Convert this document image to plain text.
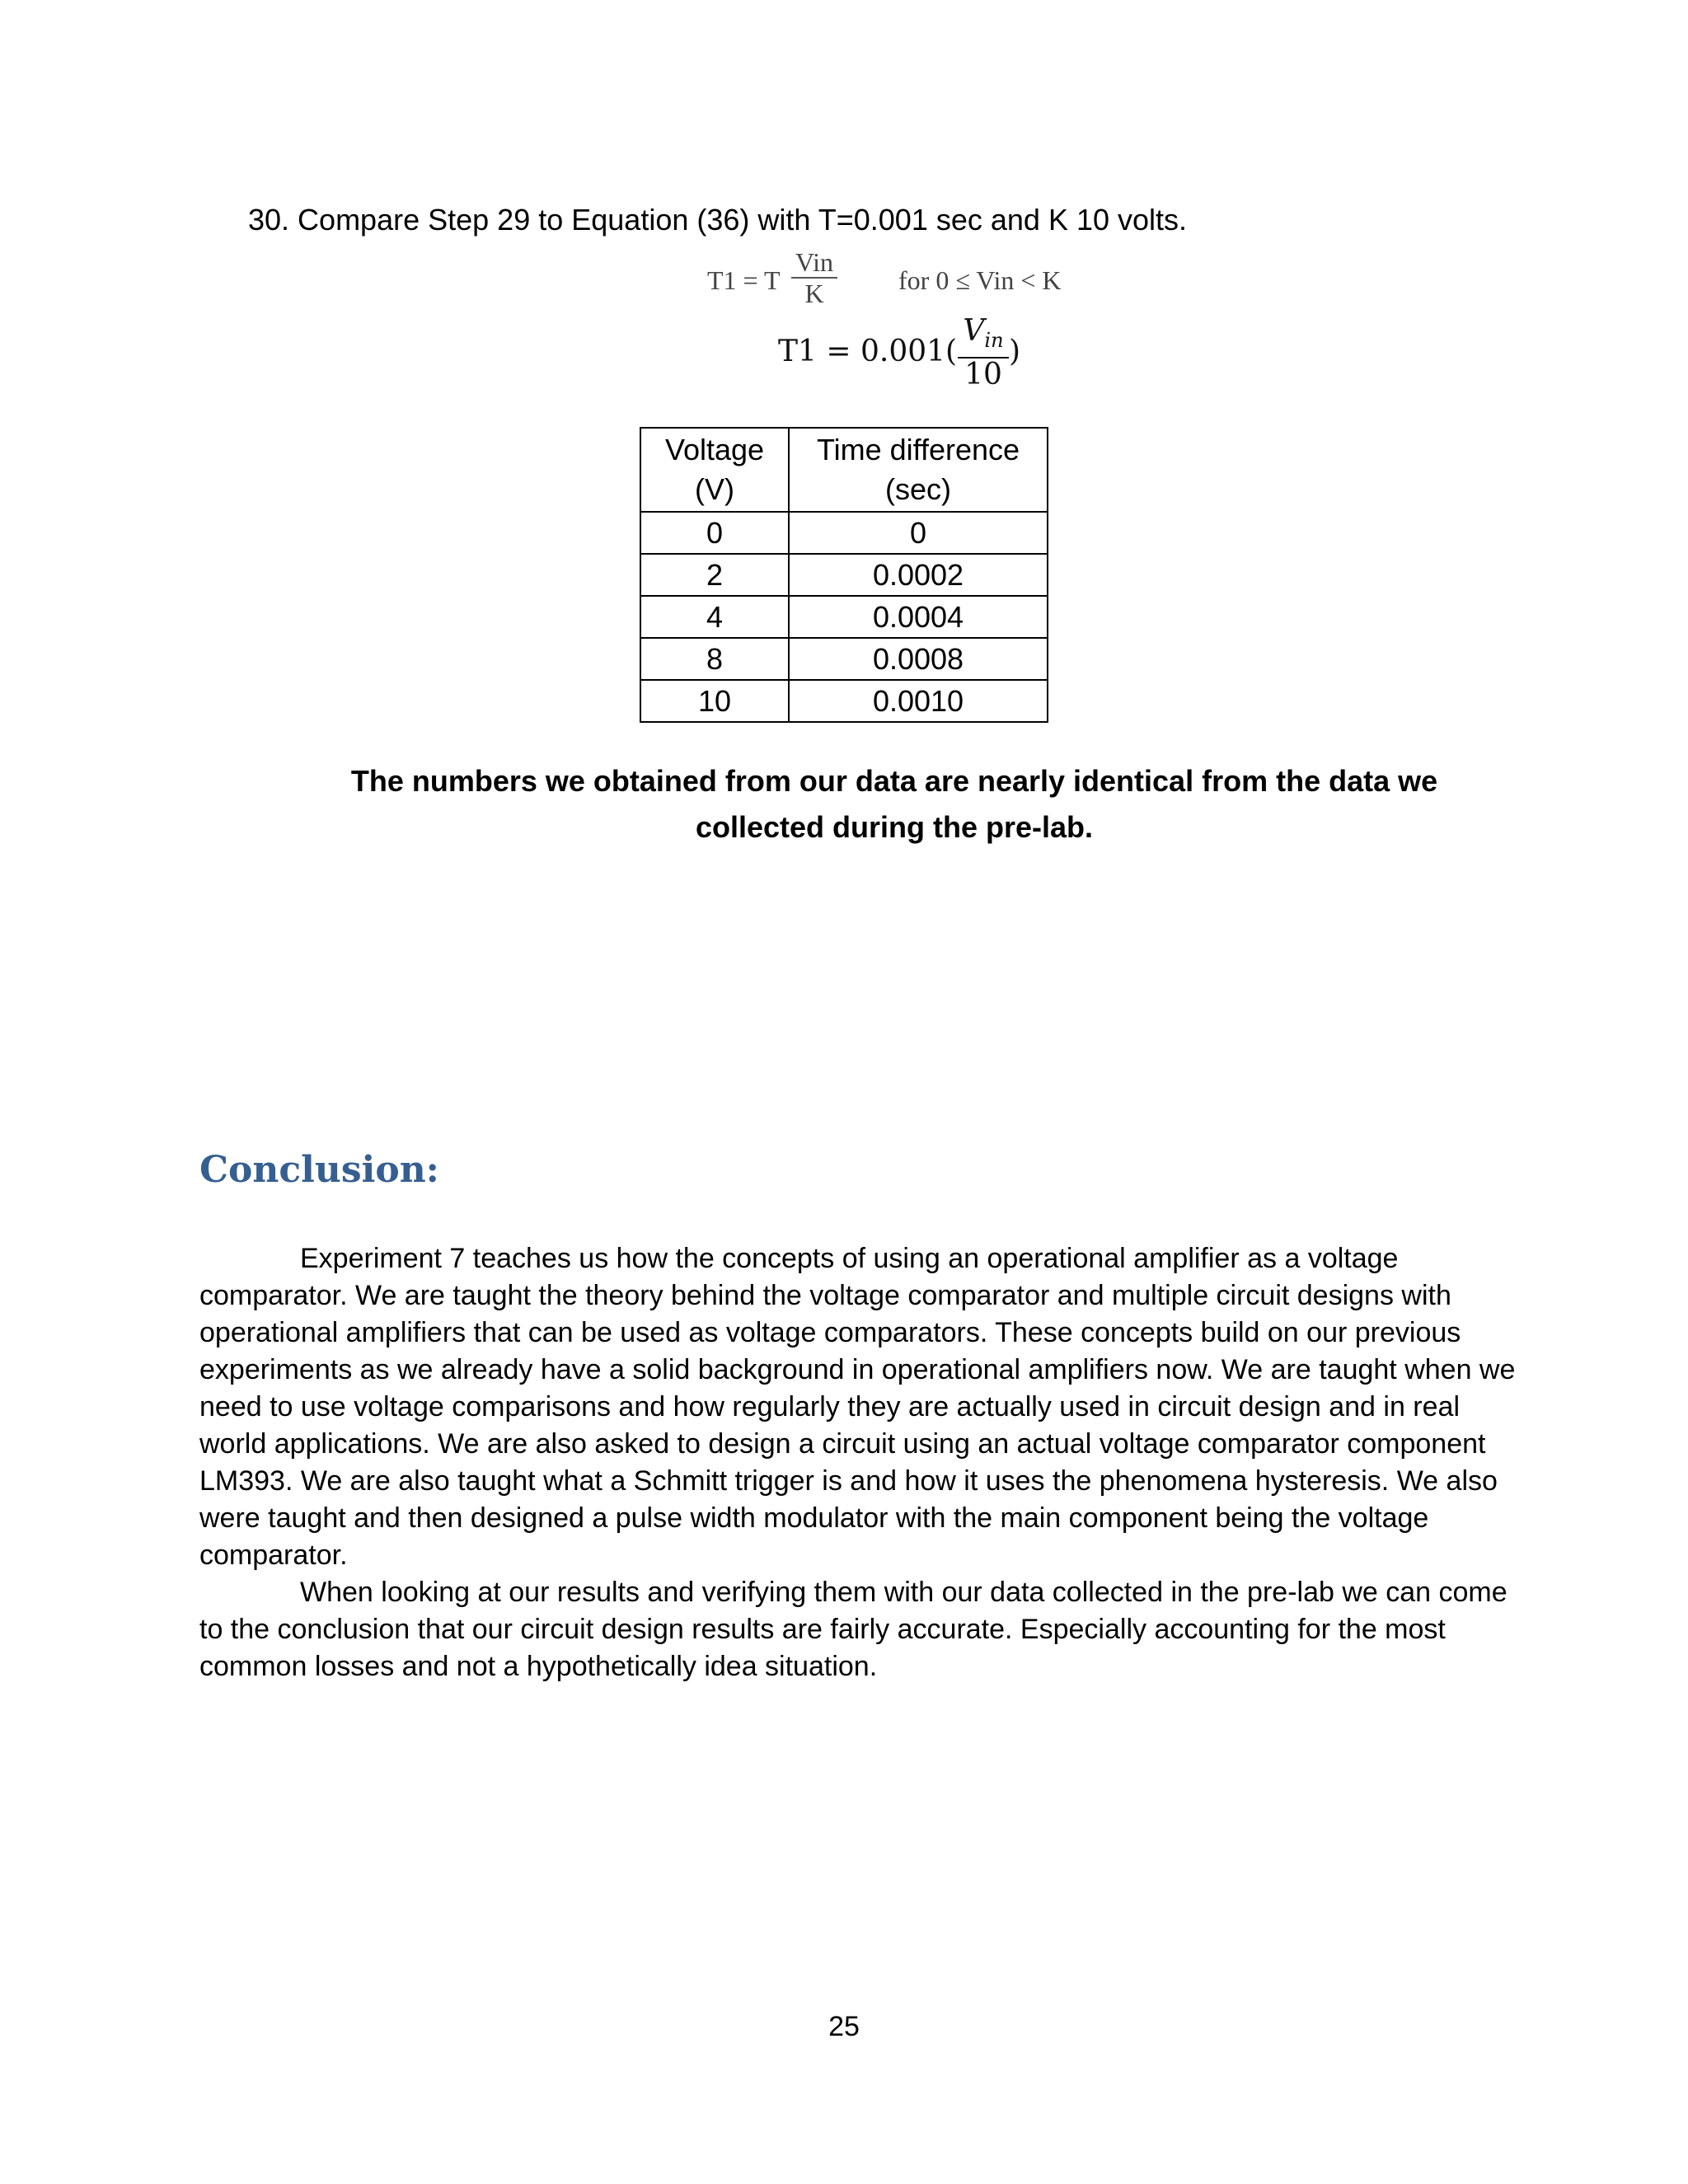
30. Compare Step 29 to Equation (36) with T=0.001 sec and K 10 volts.
T1 = T
Vin
K	for 0 ≤ Vin < K
T1 = 0.001(
$V_{in}$
10
)
Voltage (V)	Time difference (sec)
0	0
2	0.0002
4	0.0004
8	0.0008
10	0.0010
The numbers we obtained from our data are nearly identical from the data we collected during the pre-lab.
Conclusion:

Experiment 7 teaches us how the concepts of using an operational amplifier as a voltage comparator. We are taught the theory behind the voltage comparator and multiple circuit designs with operational amplifiers that can be used as voltage comparators. These concepts build on our previous experiments as we already have a solid background in operational amplifiers now. We are taught when we need to use voltage comparisons and how regularly they are actually used in circuit design and in real world applications. We are also asked to design a circuit using an actual voltage comparator component LM393. We are also taught what a Schmitt trigger is and how it uses the phenomena hysteresis. We also were taught and then designed a pulse width modulator with the main component being the voltage comparator.

When looking at our results and verifying them with our data collected in the pre-lab we can come to the conclusion that our circuit design results are fairly accurate. Especially accounting for the most common losses and not a hypothetically idea situation.

25
